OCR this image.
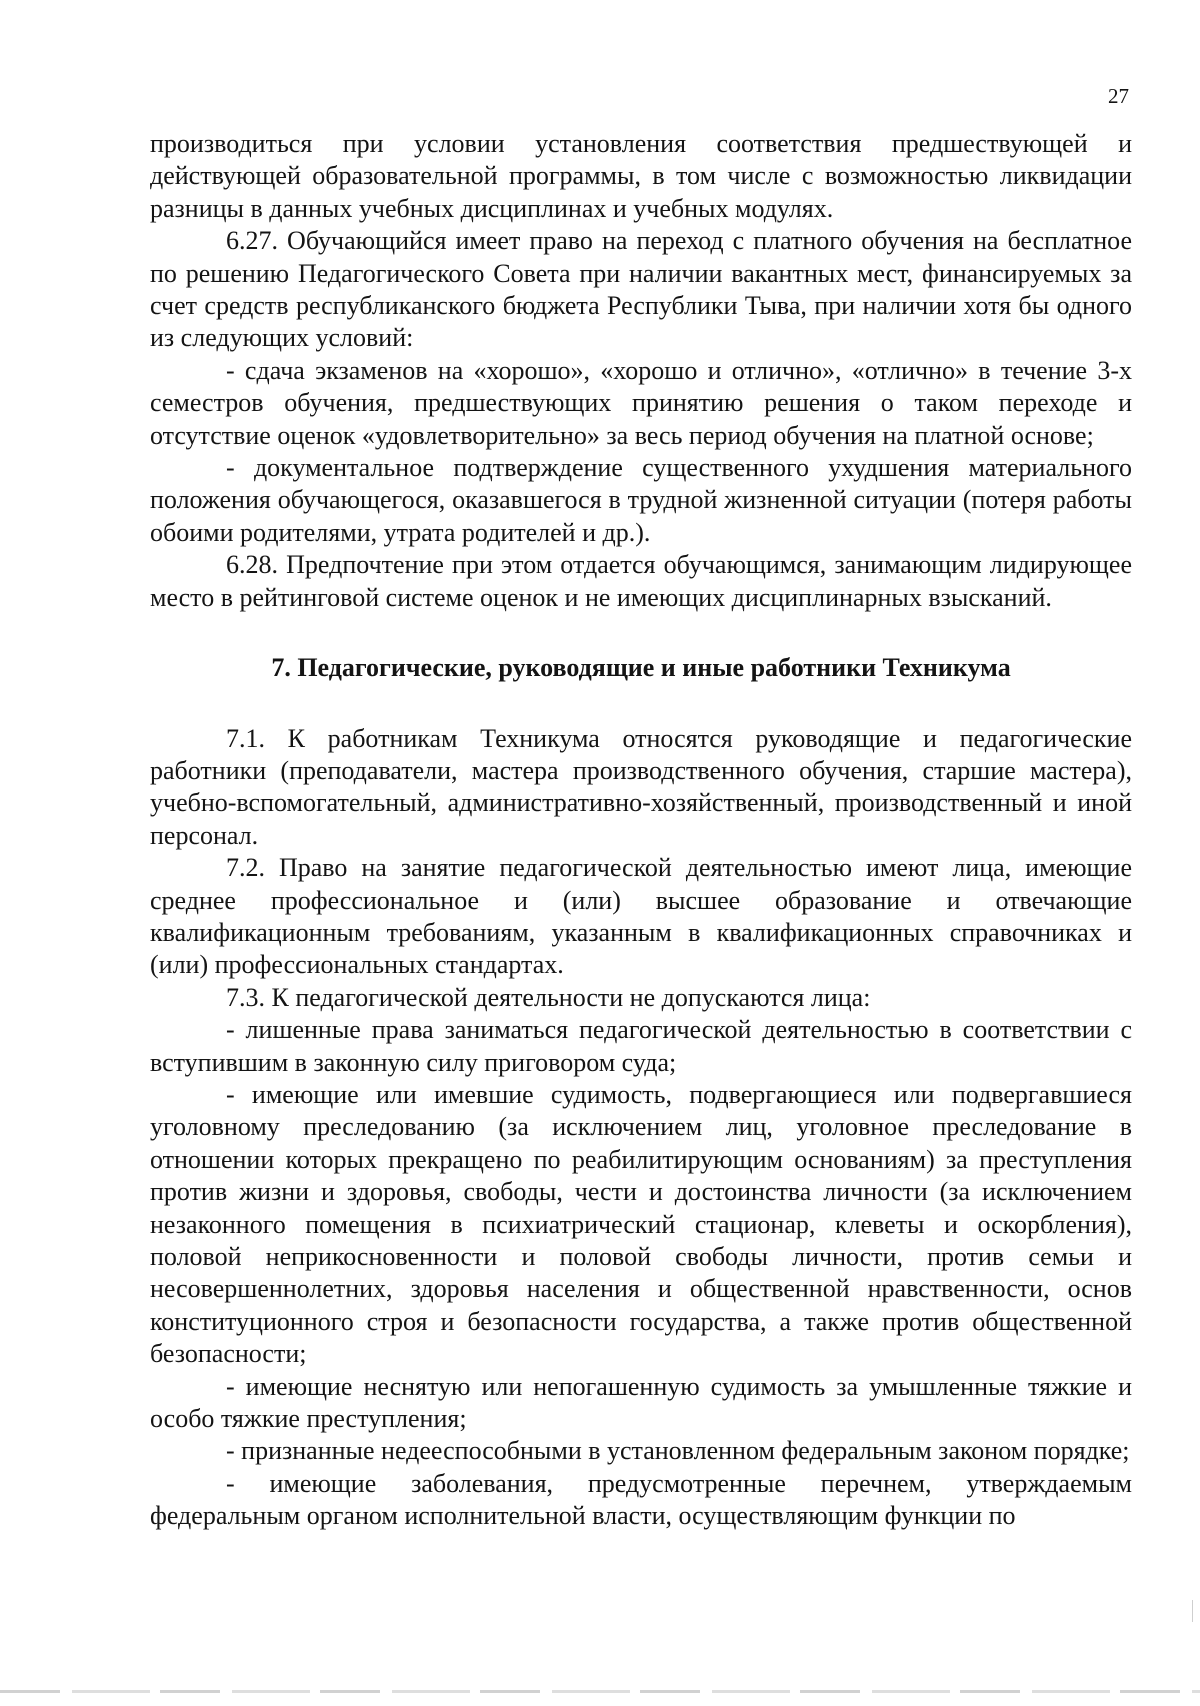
27

производиться при условии установления соответствия предшествующей и действующей образовательной программы, в том числе с возможностью ликвидации разницы в данных учебных дисциплинах и учебных модулях.

6.27. Обучающийся имеет право на переход с платного обучения на бесплатное по решению Педагогического Совета при наличии вакантных мест, финансируемых за счет средств республиканского бюджета Республики Тыва, при наличии хотя бы одного из следующих условий:

- сдача экзаменов на «хорошо», «хорошо и отлично», «отлично» в течение 3-х семестров обучения, предшествующих принятию решения о таком переходе и отсутствие оценок «удовлетворительно» за весь период обучения на платной основе;

- документальное подтверждение существенного ухудшения материального положения обучающегося, оказавшегося в трудной жизненной ситуации (потеря работы обоими родителями, утрата родителей и др.).

6.28. Предпочтение при этом отдается обучающимся, занимающим лидирующее место в рейтинговой системе оценок и не имеющих дисциплинарных взысканий.

7. Педагогические, руководящие и иные работники Техникума

7.1. К работникам Техникума относятся руководящие и педагогические работники (преподаватели, мастера производственного обучения, старшие мастера), учебно-вспомогательный, административно-хозяйственный, производственный и иной персонал.

7.2. Право на занятие педагогической деятельностью имеют лица, имеющие среднее профессиональное и (или) высшее образование и отвечающие квалификационным требованиям, указанным в квалификационных справочниках и (или) профессиональных стандартах.

7.3. К педагогической деятельности не допускаются лица:

- лишенные права заниматься педагогической деятельностью в соответствии с вступившим в законную силу приговором суда;

- имеющие или имевшие судимость, подвергающиеся или подвергавшиеся уголовному преследованию (за исключением лиц, уголовное преследование в отношении которых прекращено по реабилитирующим основаниям) за преступления против жизни и здоровья, свободы, чести и достоинства личности (за исключением незаконного помещения в психиатрический стационар, клеветы и оскорбления), половой неприкосновенности и половой свободы личности, против семьи и несовершеннолетних, здоровья населения и общественной нравственности, основ конституционного строя и безопасности государства, а также против общественной безопасности;

- имеющие неснятую или непогашенную судимость за умышленные тяжкие и особо тяжкие преступления;

- признанные недееспособными в установленном федеральным законом порядке;

- имеющие заболевания, предусмотренные перечнем, утверждаемым федеральным органом исполнительной власти, осуществляющим функции по
